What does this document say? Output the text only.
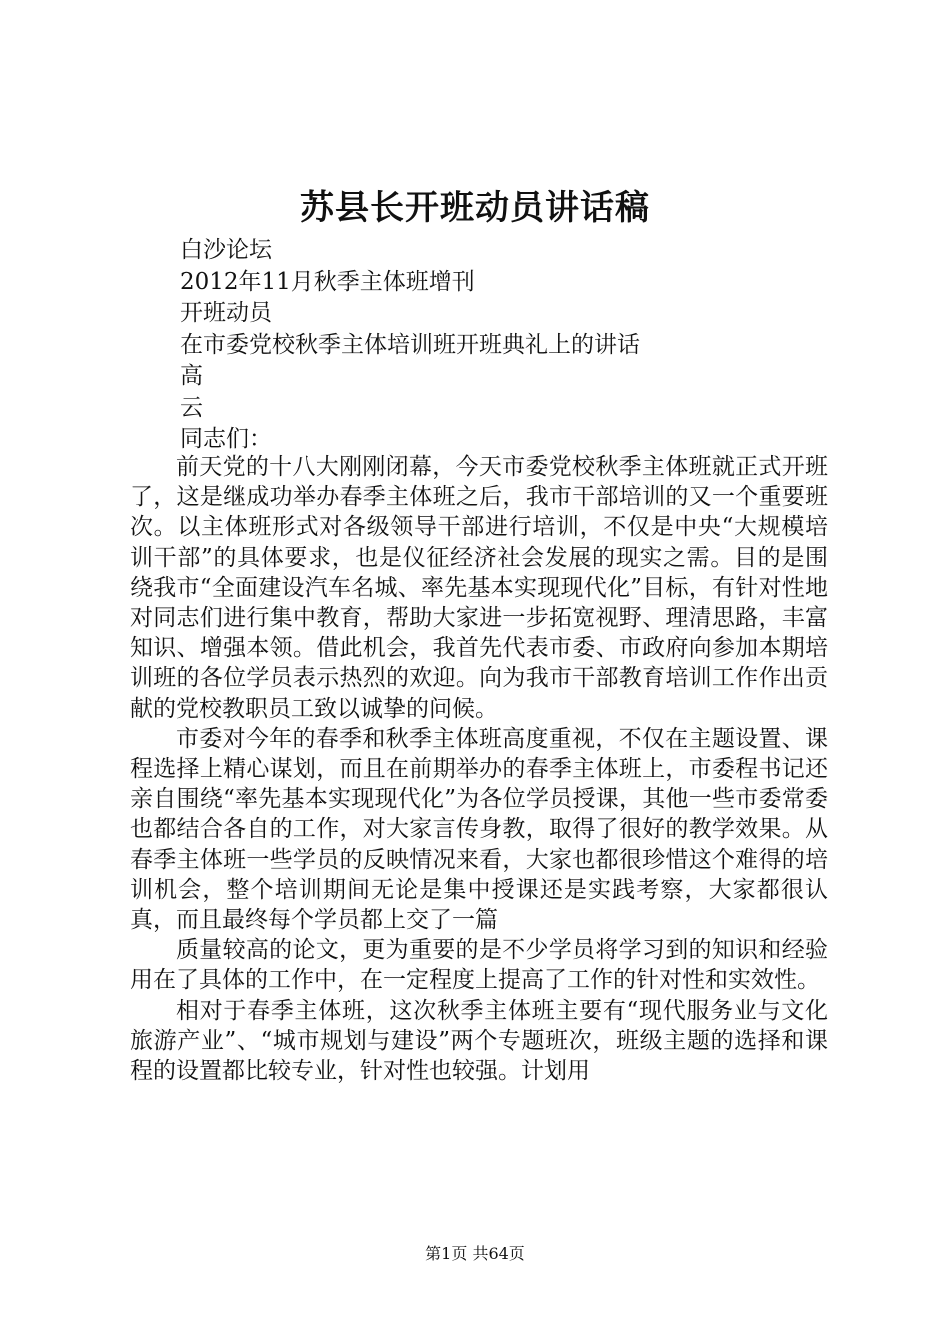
苏县长开班动员讲话稿
白沙论坛
2012年11月秋季主体班增刊
开班动员
在市委党校秋季主体培训班开班典礼上的讲话
高
云
同志们：

前天党的十八大刚刚闭幕，今天市委党校秋季主体班就正式开班了，这是继成功举办春季主体班之后，我市干部培训的又一个重要班次。以主体班形式对各级领导干部进行培训，不仅是中央“大规模培训干部”的具体要求，也是仪征经济社会发展的现实之需。目的是围绕我市“全面建设汽车名城、率先基本实现现代化”目标，有针对性地对同志们进行集中教育，帮助大家进一步拓宽视野、理清思路，丰富知识、增强本领。借此机会，我首先代表市委、市政府向参加本期培训班的各位学员表示热烈的欢迎。向为我市干部教育培训工作作出贡献的党校教职员工致以诚挚的问候。

市委对今年的春季和秋季主体班高度重视，不仅在主题设置、课程选择上精心谋划，而且在前期举办的春季主体班上，市委程书记还亲自围绕“率先基本实现现代化”为各位学员授课，其他一些市委常委也都结合各自的工作，对大家言传身教，取得了很好的教学效果。从春季主体班一些学员的反映情况来看，大家也都很珍惜这个难得的培训机会，整个培训期间无论是集中授课还是实践考察，大家都很认真，而且最终每个学员都上交了一篇

质量较高的论文，更为重要的是不少学员将学习到的知识和经验用在了具体的工作中，在一定程度上提高了工作的针对性和实效性。

相对于春季主体班，这次秋季主体班主要有“现代服务业与文化旅游产业”、“城市规划与建设”两个专题班次，班级主题的选择和课程的设置都比较专业，针对性也较强。计划用

第1页 共64页
